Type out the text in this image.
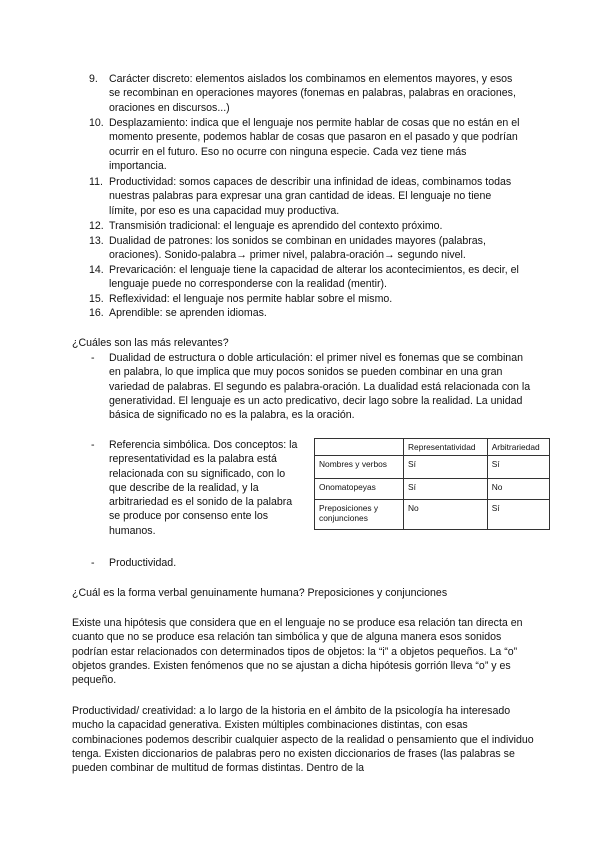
9. Carácter discreto: elementos aislados los combinamos en elementos mayores, y esos se recombinan en operaciones mayores (fonemas en palabras, palabras en oraciones, oraciones en discursos...)
10. Desplazamiento: indica que el lenguaje nos permite hablar de cosas que no están en el momento presente, podemos hablar de cosas que pasaron en el pasado y que podrían ocurrir en el futuro. Eso no ocurre con ninguna especie. Cada vez tiene más importancia.
11. Productividad: somos capaces de describir una infinidad de ideas, combinamos todas nuestras palabras para expresar una gran cantidad de ideas. El lenguaje no tiene límite, por eso es una capacidad muy productiva.
12. Transmisión tradicional: el lenguaje es aprendido del contexto próximo.
13. Dualidad de patrones: los sonidos se combinan en unidades mayores (palabras, oraciones). Sonido-palabra→ primer nivel, palabra-oración→ segundo nivel.
14. Prevaricación: el lenguaje tiene la capacidad de alterar los acontecimientos, es decir, el lenguaje puede no corresponderse con la realidad (mentir).
15. Reflexividad: el lenguaje nos permite hablar sobre el mismo.
16. Aprendible: se aprenden idiomas.
¿Cuáles son las más relevantes?
- Dualidad de estructura o doble articulación: el primer nivel es fonemas que se combinan en palabra, lo que implica que muy pocos sonidos se pueden combinar en una gran variedad de palabras. El segundo es palabra-oración. La dualidad está relacionada con la generatividad. El lenguaje es un acto predicativo, decir lago sobre la realidad. La unidad básica de significado no es la palabra, es la oración.
- Referencia simbólica. Dos conceptos: la representatividad es la palabra está relacionada con su significado, con lo que describe de la realidad, y la arbitrariedad es el sonido de la palabra se produce por consenso ente los humanos.
	Representatividad	Arbitrariedad
Nombres y verbos	Sí	Sí
Onomatopeyas	Sí	No
Preposiciones y conjunciones	No	Sí
- Productividad.
¿Cuál es la forma verbal genuinamente humana? Preposiciones y conjunciones
Existe una hipótesis que considera que en el lenguaje no se produce esa relación tan directa en cuanto que no se produce esa relación tan simbólica y que de alguna manera esos sonidos podrían estar relacionados con determinados tipos de objetos: la “i” a objetos pequeños. La “o” objetos grandes. Existen fenómenos que no se ajustan a dicha hipótesis gorrión lleva “o” y es pequeño.
Productividad/ creatividad: a lo largo de la historia en el ámbito de la psicología ha interesado mucho la capacidad generativa. Existen múltiples combinaciones distintas, con esas combinaciones podemos describir cualquier aspecto de la realidad o pensamiento que el individuo tenga. Existen diccionarios de palabras pero no existen diccionarios de frases (las palabras se pueden combinar de multitud de formas distintas. Dentro de la
